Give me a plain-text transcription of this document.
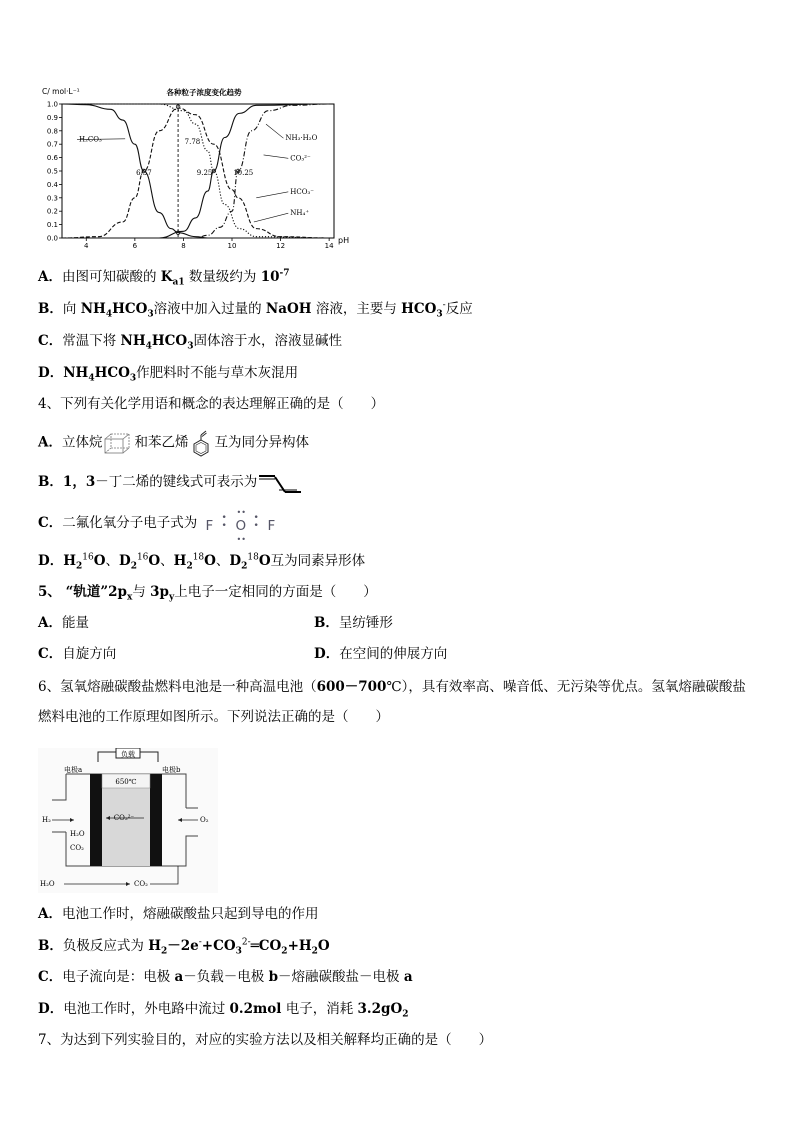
各种粒子浓度变化趋势
C/ mol·L⁻¹
pH
0.0
0.1
0.2
0.3
0.4
0.5
0.6
0.7
0.8
0.9
1.0
4	6	8	10	12	14
6.37
7.78
9.25	10.25
H₂CO₃	NH₃·H₂O
CO₃²⁻
HCO₃⁻
NH₄⁺
A．由图可知碳酸的 $K_{a1}$ 数量级约为 $10^{-7}$
B．向 $NH_4HCO_3$溶液中加入过量的 NaOH 溶液，主要与 $HCO_3^-$反应
C．常温下将 $NH_4HCO_3$固体溶于水，溶液显碱性
D．$NH_4HCO_3$作肥料时不能与草木灰混用
4、下列有关化学用语和概念的表达理解正确的是（　　）
A．立体烷 和苯乙烯 互为同分异构体
B．1，3－丁二烯的键线式可表示为
C．二氟化氧分子电子式为 F •
• O
••
••
•
• F
D．$H_2^{16}O$、$D_2^{16}O$、$H_2^{18}O$、$D_2^{18}O$互为同素异形体
5、 “轨道$”2p_x$与 $3p_y$上电子一定相同的方面是（　　）
A．能量	B．呈纺锤形
C．自旋方向	D．在空间的伸展方向
6、氢氧熔融碳酸盐燃料电池是一种高温电池（600－700℃），具有效率高、噪音低、无污染等优点。氢氧熔融碳酸盐
燃料电池的工作原理如图所示。下列说法正确的是（　　）
负载
电极a	电极b
650℃
CO₃²⁻
H₂
H₂O
CO₂
O₂
H₂O	CO₂
A．电池工作时，熔融碳酸盐只起到导电的作用
B．负极反应式为 $H_2-2e^-+CO_3^{2-}═CO_2+H_2O$
C．电子流向是：电极 a－负载－电极 b－熔融碳酸盐－电极 a
D．电池工作时，外电路中流过 0.2mol 电子，消耗 $3.2gO_2$
7、为达到下列实验目的，对应的实验方法以及相关解释均正确的是（　　）
